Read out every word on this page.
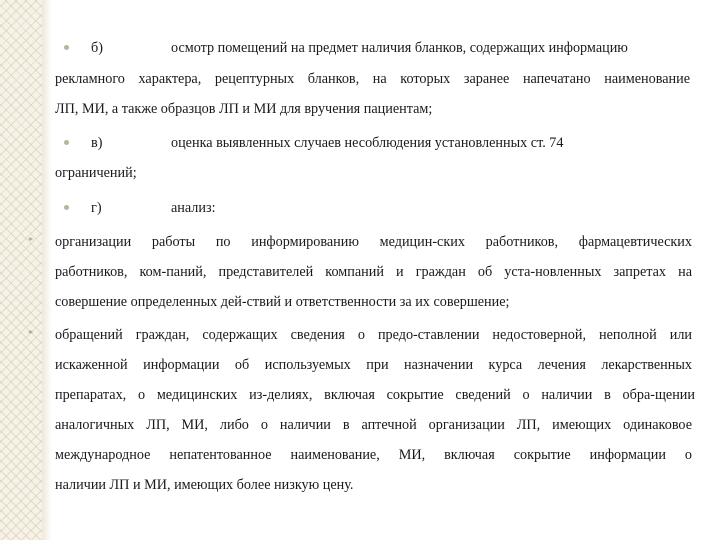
б)	осмотр помещений на предмет наличия бланков, содержащих информацию
рекламного характера, рецептурных бланков, на которых заранее напечатано наименование
ЛП, МИ, а также образцов ЛП и МИ для вручения пациентам;
в)	оценка выявленных случаев несоблюдения установленных ст. 74
ограничений;
г)	анализ:
* организации работы по информированию медицин-ских работников, фармацевтических
работников, ком-паний, представителей компаний и граждан об уста-новленных запретах на
совершение определенных дей-ствий и ответственности за их совершение;
* обращений граждан, содержащих сведения о предо-ставлении недостоверной, неполной или
искаженной информации об используемых при назначении курса лечения лекарственных
препаратах, о медицинских из-делиях, включая сокрытие сведений о наличии в обра-щении
аналогичных ЛП, МИ, либо о наличии в аптечной организации ЛП, имеющих одинаковое
международное непатентованное наименование, МИ, включая сокрытие информации о
наличии ЛП и МИ, имеющих более низкую цену.
